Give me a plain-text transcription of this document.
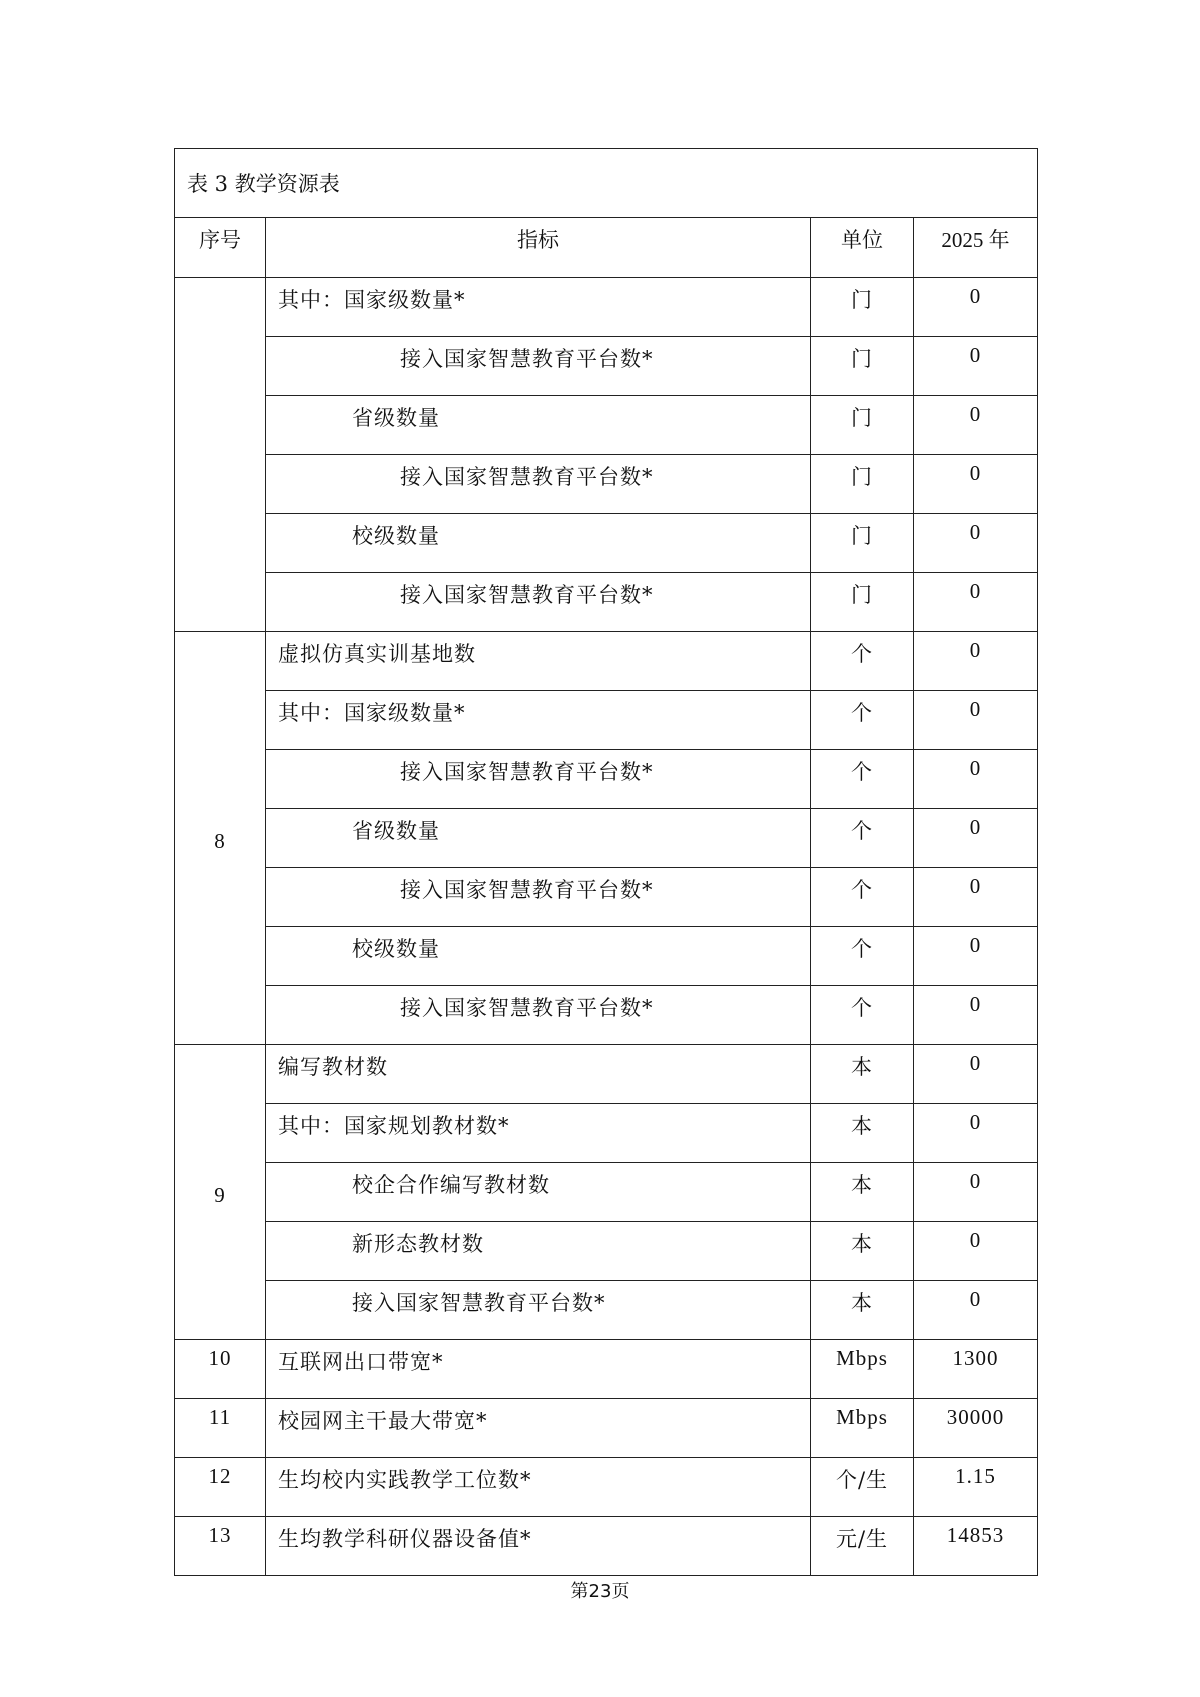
表 3 教学资源表			
序号	指标	单位	2025 年
	其中：国家级数量*	门	0
	接入国家智慧教育平台数*	门	0
	省级数量	门	0
	接入国家智慧教育平台数*	门	0
	校级数量	门	0
	接入国家智慧教育平台数*	门	0
8	虚拟仿真实训基地数	个	0
	其中：国家级数量*	个	0
	接入国家智慧教育平台数*	个	0
	省级数量	个	0
	接入国家智慧教育平台数*	个	0
	校级数量	个	0
	接入国家智慧教育平台数*	个	0
9	编写教材数	本	0
	其中：国家规划教材数*	本	0
	校企合作编写教材数	本	0
	新形态教材数	本	0
	接入国家智慧教育平台数*	本	0
10	互联网出口带宽*	Mbps	1300
11	校园网主干最大带宽*	Mbps	30000
12	生均校内实践教学工位数*	个/生	1.15
13	生均教学科研仪器设备值*	元/生	14853
第23页
